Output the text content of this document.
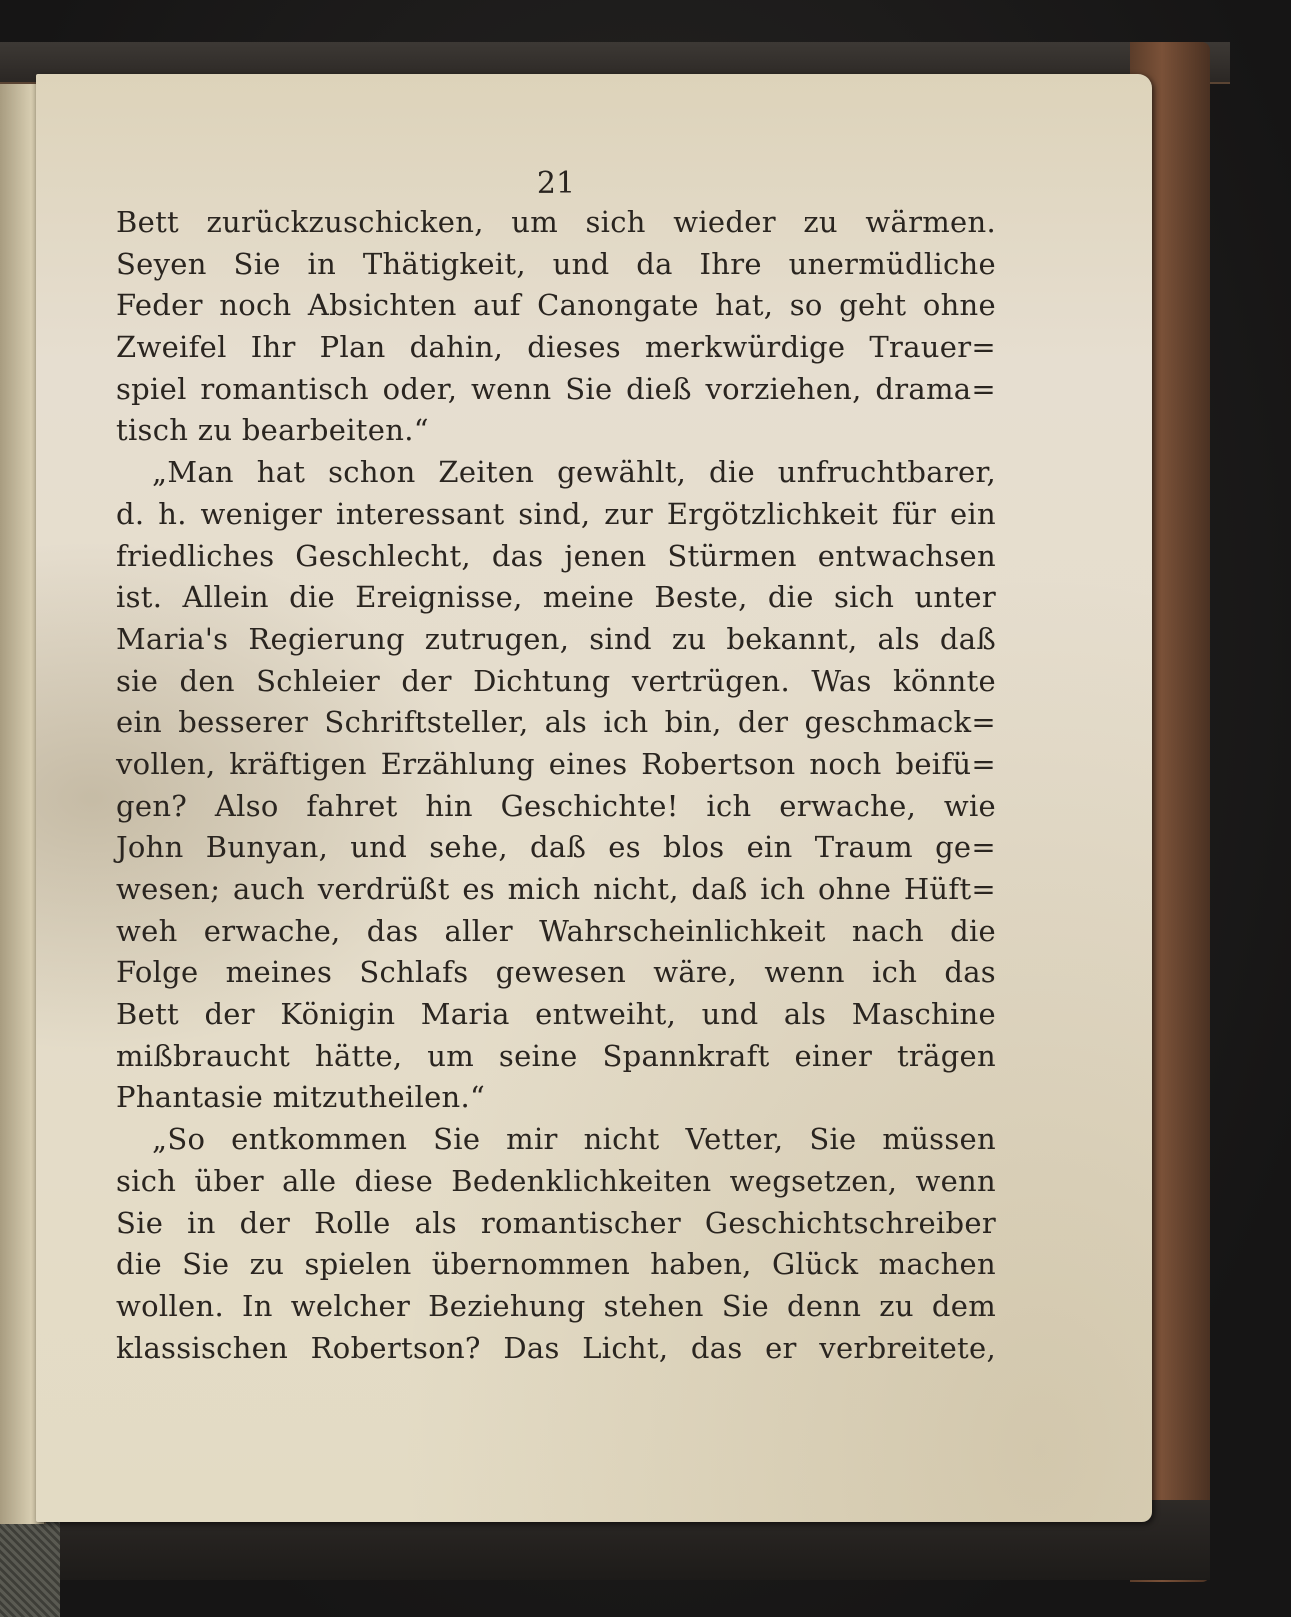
21
Bett zurückzuschicken, um sich wieder zu wärmen.
Seyen Sie in Thätigkeit, und da Ihre unermüdliche
Feder noch Absichten auf Canongate hat, so geht ohne
Zweifel Ihr Plan dahin, dieses merkwürdige Trauer=
spiel romantisch oder, wenn Sie dieß vorziehen, drama=
tisch zu bearbeiten.“
„Man hat schon Zeiten gewählt, die unfruchtbarer,
d. h. weniger interessant sind, zur Ergötzlichkeit für ein
friedliches Geschlecht, das jenen Stürmen entwachsen
ist. Allein die Ereignisse, meine Beste, die sich unter
Maria's Regierung zutrugen, sind zu bekannt, als daß
sie den Schleier der Dichtung vertrügen. Was könnte
ein besserer Schriftsteller, als ich bin, der geschmack=
vollen, kräftigen Erzählung eines Robertson noch beifü=
gen? Also fahret hin Geschichte! ich erwache, wie
John Bunyan, und sehe, daß es blos ein Traum ge=
wesen; auch verdrüßt es mich nicht, daß ich ohne Hüft=
weh erwache, das aller Wahrscheinlichkeit nach die
Folge meines Schlafs gewesen wäre, wenn ich das
Bett der Königin Maria entweiht, und als Maschine
mißbraucht hätte, um seine Spannkraft einer trägen
Phantasie mitzutheilen.“
„So entkommen Sie mir nicht Vetter, Sie müssen
sich über alle diese Bedenklichkeiten wegsetzen, wenn
Sie in der Rolle als romantischer Geschichtschreiber
die Sie zu spielen übernommen haben, Glück machen
wollen. In welcher Beziehung stehen Sie denn zu dem
klassischen Robertson? Das Licht, das er verbreitete,
